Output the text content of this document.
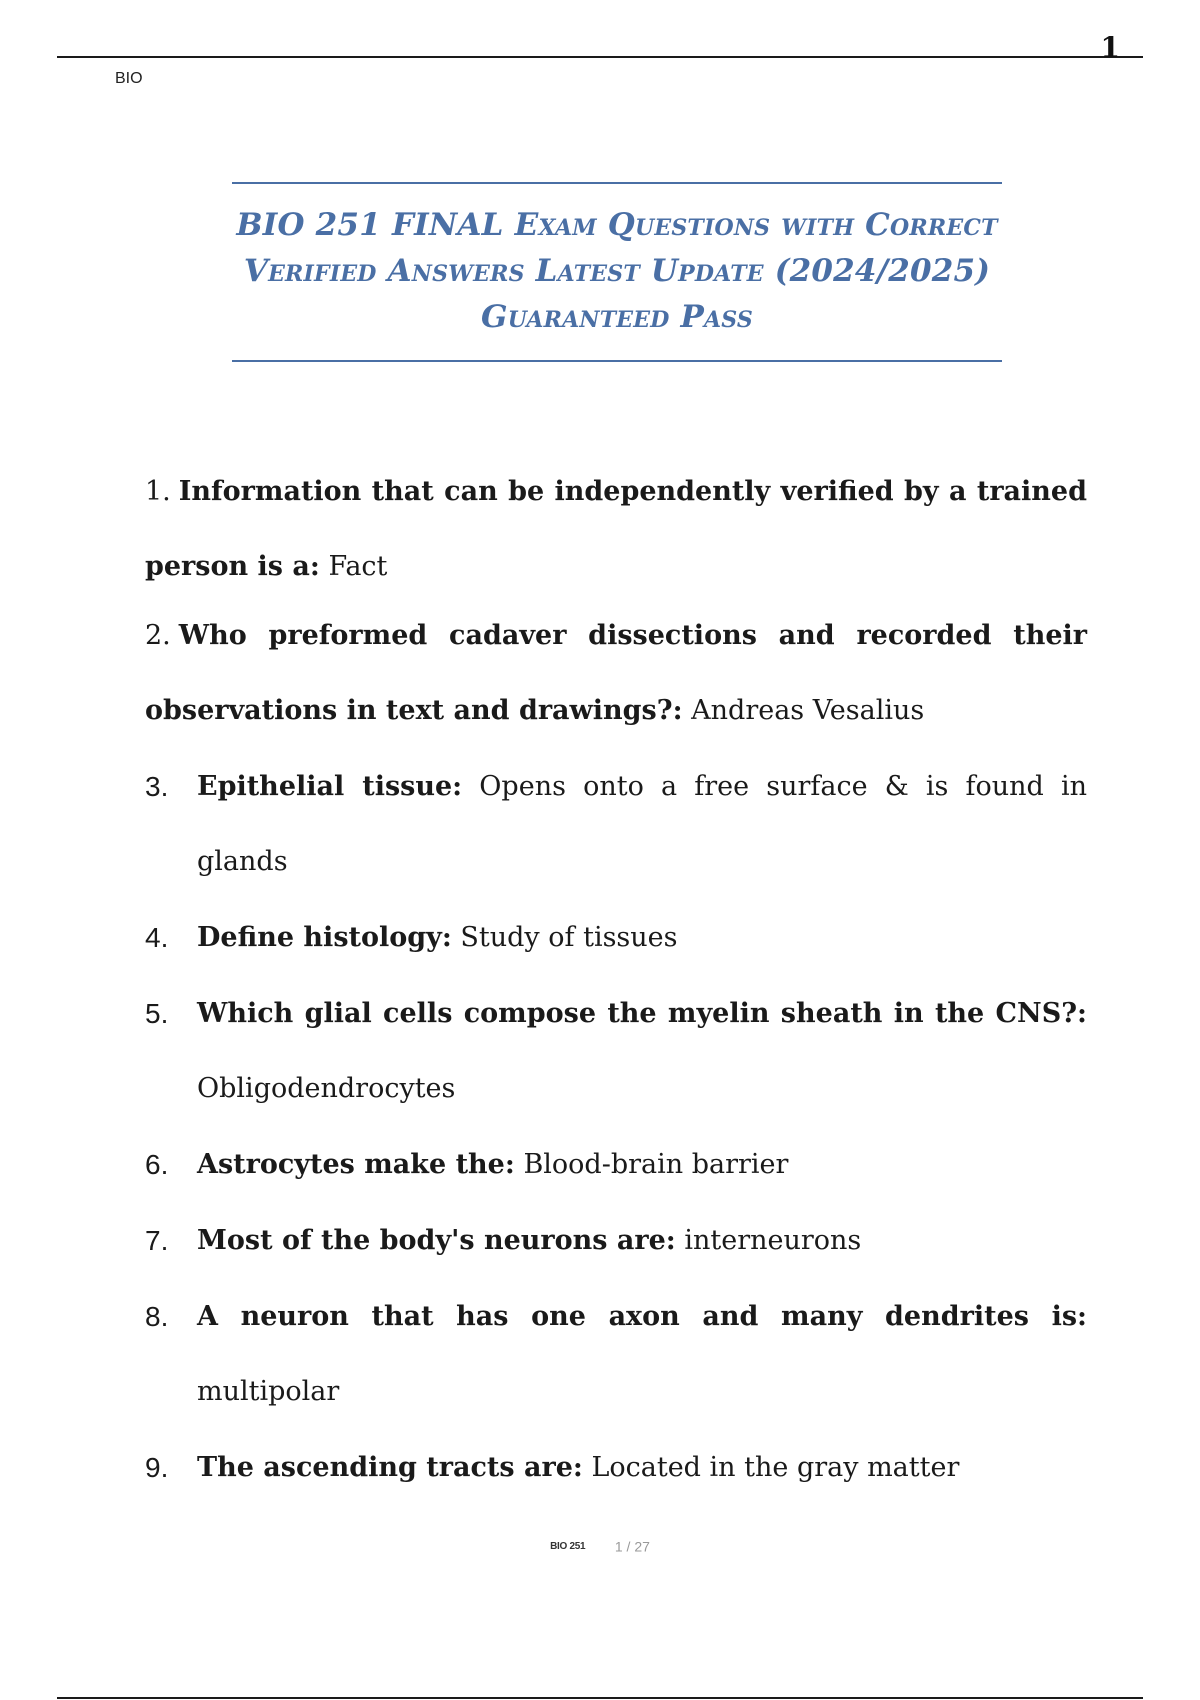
1
BIO
BIO 251 FINAL Exam Questions with Correct
Verified Answers Latest Update (2024/2025)
Guaranteed Pass
1. Information that can be independently verified by a trained person is a: Fact
2. Who preformed cadaver dissections and recorded their observations in text and drawings?: Andreas Vesalius
3.	Epithelial tissue: Opens onto a free surface & is found in glands
4.	Define histology: Study of tissues
5.	Which glial cells compose the myelin sheath in the CNS?: Obligodendrocytes
6.	Astrocytes make the: Blood-brain barrier
7.	Most of the body's neurons are: interneurons
8.	A neuron that has one axon and many dendrites is: multipolar
9.	The ascending tracts are: Located in the gray matter
BIO 251 1 / 27
